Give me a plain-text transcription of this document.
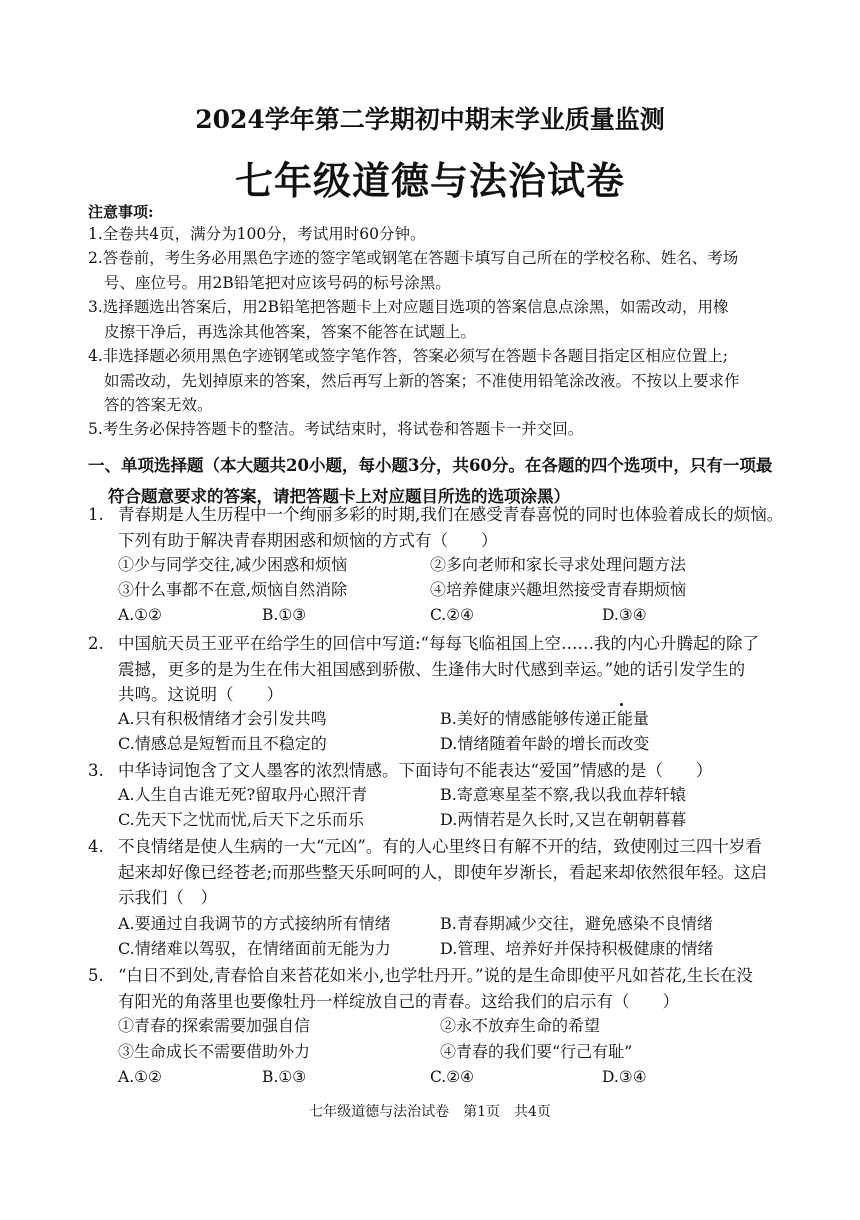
2024学年第二学期初中期末学业质量监测
七年级道德与法治试卷
注意事项:
1.全卷共4页，满分为100分，考试用时60分钟。
2.答卷前，考生务必用黑色字迹的签字笔或钢笔在答题卡填写自己所在的学校名称、姓名、考场
号、座位号。用2B铅笔把对应该号码的标号涂黑。
3.选择题选出答案后，用2B铅笔把答题卡上对应题目选项的答案信息点涂黑，如需改动，用橡
皮擦干净后，再选涂其他答案，答案不能答在试题上。
4.非选择题必须用黑色字迹钢笔或签字笔作答，答案必须写在答题卡各题目指定区相应位置上;
如需改动，先划掉原来的答案，然后再写上新的答案；不准使用铅笔涂改液。不按以上要求作
答的答案无效。
5.考生务必保持答题卡的整洁。考试结束时，将试卷和答题卡一并交回。
一、单项选择题（本大题共20小题，每小题3分，共60分。在各题的四个选项中，只有一项最
符合题意要求的答案，请把答题卡上对应题目所选的选项涂黑）
1. 青春期是人生历程中一个绚丽多彩的时期,我们在感受青春喜悦的同时也体验着成长的烦恼。
下列有助于解决青春期困惑和烦恼的方式有（　　）
①少与同学交往,减少困惑和烦恼	②多向老师和家长寻求处理问题方法
③什么事都不在意,烦恼自然消除	④培养健康兴趣坦然接受青春期烦恼
A.①②	B.①③	C.②④	D.③④
2. 中国航天员王亚平在给学生的回信中写道:“每每飞临祖国上空……我的内心升腾起的除了
震撼，更多的是为生在伟大祖国感到骄傲、生逢伟大时代感到幸运。”她的话引发学生的
共鸣。这说明（　　）
A.只有积极情绪才会引发共鸣	B.美好的情感能够传递正能量
C.情感总是短暂而且不稳定的	D.情绪随着年龄的增长而改变
3. 中华诗词饱含了文人墨客的浓烈情感。下面诗句不能表达“爱国”情感的是（　　）
A.人生自古谁无死?留取丹心照汗青	B.寄意寒星荃不察,我以我血荐轩辕
C.先天下之忧而忧,后天下之乐而乐	D.两情若是久长时,又岂在朝朝暮暮
4. 不良情绪是使人生病的一大“元凶”。有的人心里终日有解不开的结，致使刚过三四十岁看
起来却好像已经苍老;而那些整天乐呵呵的人，即使年岁渐长，看起来却依然很年轻。这启
示我们（　）
A.要通过自我调节的方式接纳所有情绪	B.青春期减少交往，避免感染不良情绪
C.情绪难以驾驭，在情绪面前无能为力	D.管理、培养好并保持积极健康的情绪
5. “白日不到处,青春恰自来苔花如米小,也学牡丹开。”说的是生命即使平凡如苔花,生长在没
有阳光的角落里也要像牡丹一样绽放自己的青春。这给我们的启示有（　　）
①青春的探索需要加强自信	②永不放弃生命的希望
③生命成长不需要借助外力	④青春的我们要“行己有耻”
A.①②	B.①③	C.②④	D.③④
七年级道德与法治试卷　第1页　共4页
